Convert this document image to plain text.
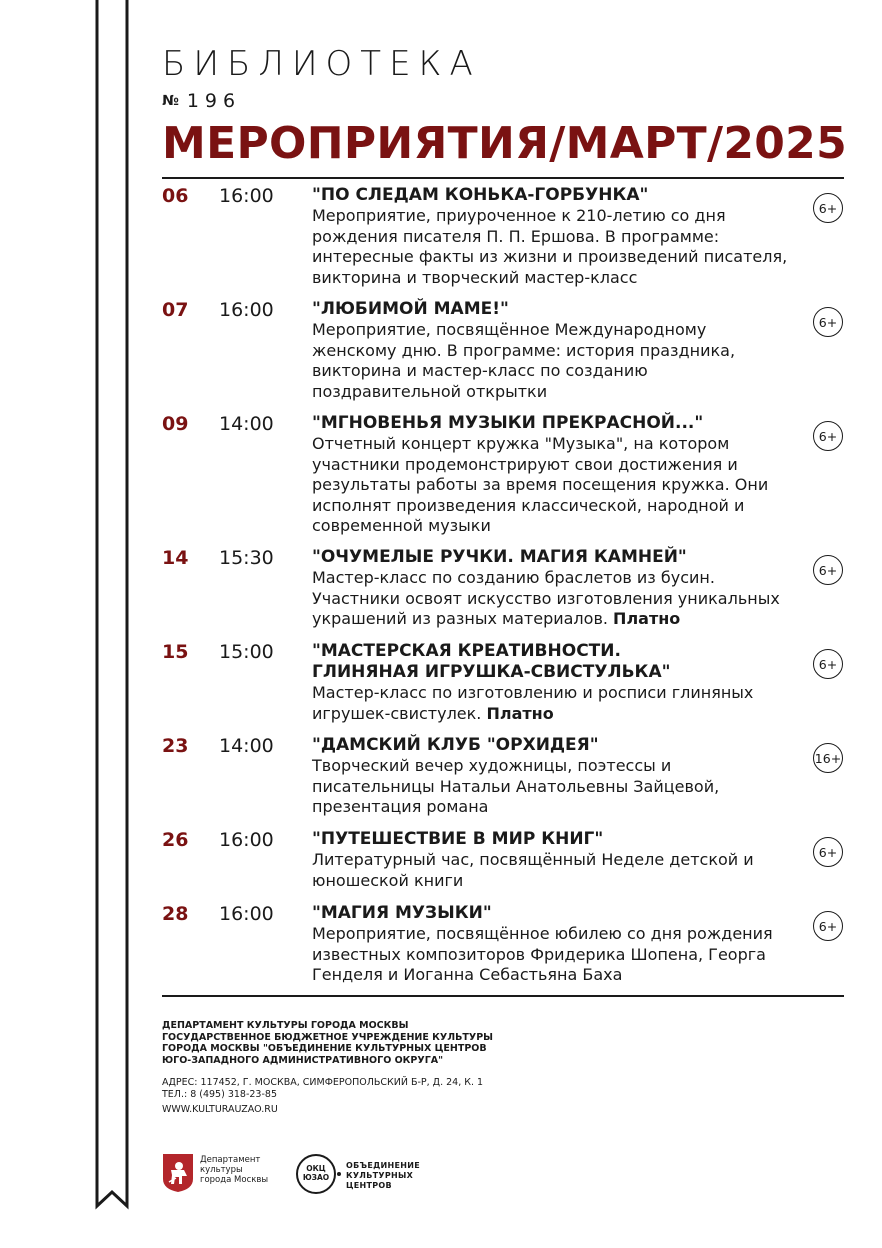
БИБЛИОТЕКА
№ 196
МЕРОПРИЯТИЯ/МАРТ/2025
06 16:00 "ПО СЛЕДАМ КОНЬКА-ГОРБУНКА"
Мероприятие, приуроченное к 210-летию со дня рождения писателя П. П. Ершова. В программе: интересные факты из жизни и произведений писателя, викторина и творческий мастер-класс
6+
07 16:00 "ЛЮБИМОЙ МАМЕ!"
Мероприятие, посвящённое Международному женскому дню. В программе: история праздника, викторина и мастер-класс по созданию поздравительной открытки
6+
09 14:00 "МГНОВЕНЬЯ МУЗЫКИ ПРЕКРАСНОЙ..."
Отчетный концерт кружка "Музыка", на котором участники продемонстрируют свои достижения и результаты работы за время посещения кружка. Они исполнят произведения классической, народной и современной музыки
6+
14 15:30 "ОЧУМЕЛЫЕ РУЧКИ. МАГИЯ КАМНЕЙ"
Мастер-класс по созданию браслетов из бусин. Участники освоят искусство изготовления уникальных украшений из разных материалов. Платно
6+
15 15:00 "МАСТЕРСКАЯ КРЕАТИВНОСТИ.
ГЛИНЯНАЯ ИГРУШКА-СВИСТУЛЬКА"
Мастер-класс по изготовлению и росписи глиняных игрушек-свистулек. Платно
6+
23 14:00 "ДАМСКИЙ КЛУБ "ОРХИДЕЯ"
Творческий вечер художницы, поэтессы и писательницы Натальи Анатольевны Зайцевой, презентация романа
16+
26 16:00 "ПУТЕШЕСТВИЕ В МИР КНИГ"
Литературный час, посвящённый Неделе детской и юношеской книги
6+
28 16:00 "МАГИЯ МУЗЫКИ"
Мероприятие, посвящённое юбилею со дня рождения известных композиторов Фридерика Шопена, Георга Генделя и Иоганна Себастьяна Баха
6+
ДЕПАРТАМЕНТ КУЛЬТУРЫ ГОРОДА МОСКВЫ
ГОСУДАРСТВЕННОЕ БЮДЖЕТНОЕ УЧРЕЖДЕНИЕ КУЛЬТУРЫ
ГОРОДА МОСКВЫ "ОБЪЕДИНЕНИЕ КУЛЬТУРНЫХ ЦЕНТРОВ
ЮГО-ЗАПАДНОГО АДМИНИСТРАТИВНОГО ОКРУГА"
АДРЕС: 117452, Г. МОСКВА, СИМФЕРОПОЛЬСКИЙ Б-Р, Д. 24, К. 1
ТЕЛ.: 8 (495) 318-23-85
WWW.KULTURAUZAO.RU
Департамент
культуры
города Москвы
ОКЦ
ЮЗАО
ОБЪЕДИНЕНИЕ
КУЛЬТУРНЫХ
ЦЕНТРОВ
